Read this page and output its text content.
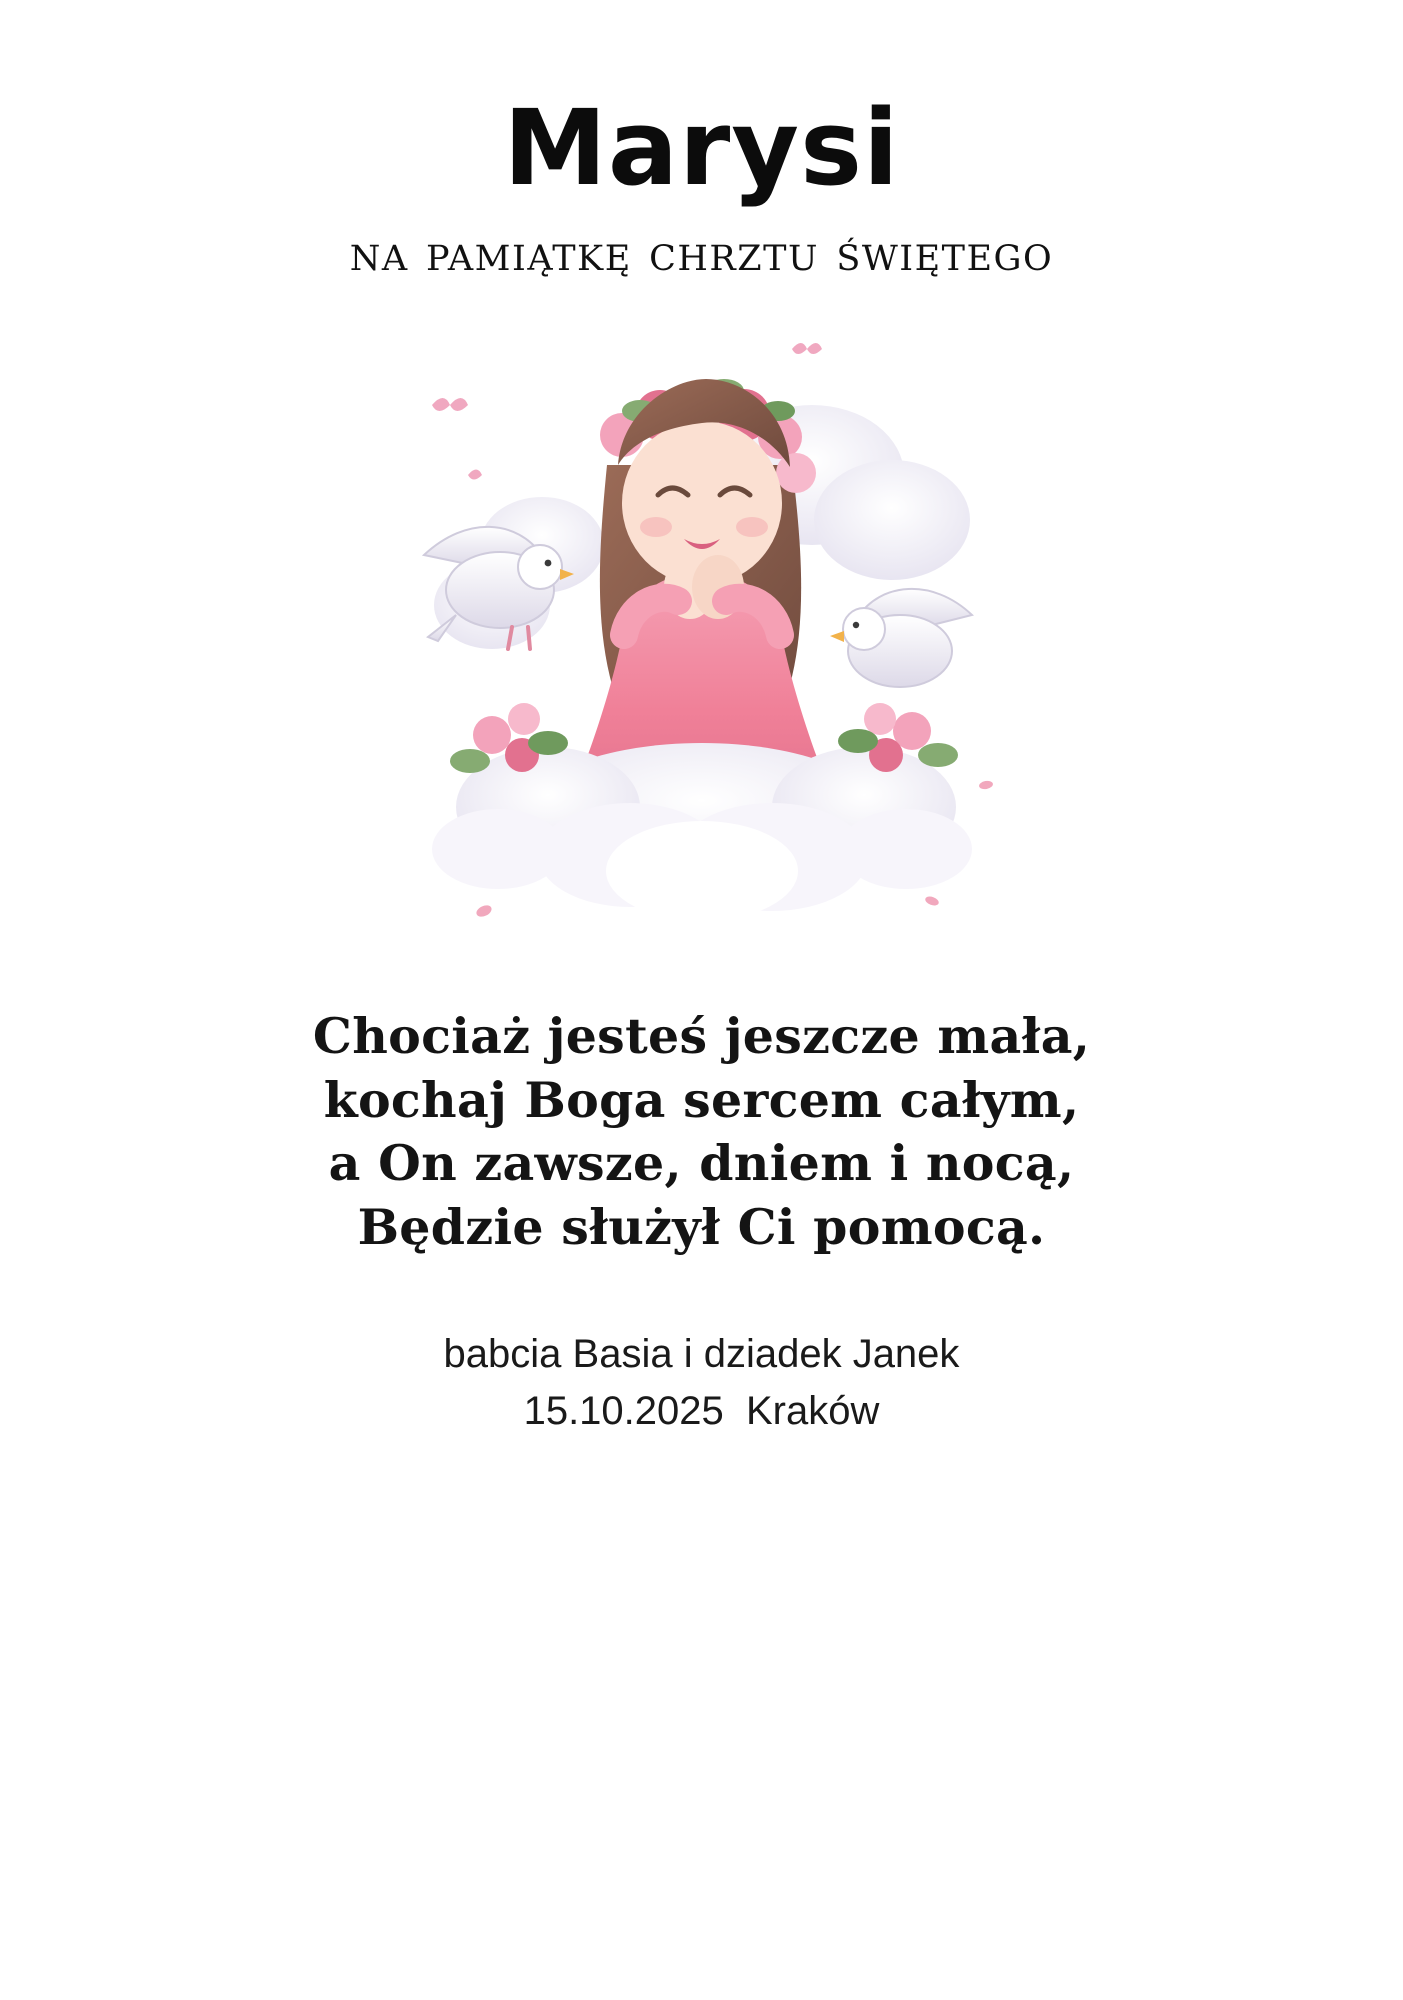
Marysi
na pamiątkę chrztu świętego
Chociaż jesteś jeszcze mała,
kochaj Boga sercem całym,
a On zawsze, dniem i nocą,
Będzie służył Ci pomocą.
babcia Basia i dziadek Janek
15.10.2025  Kraków
